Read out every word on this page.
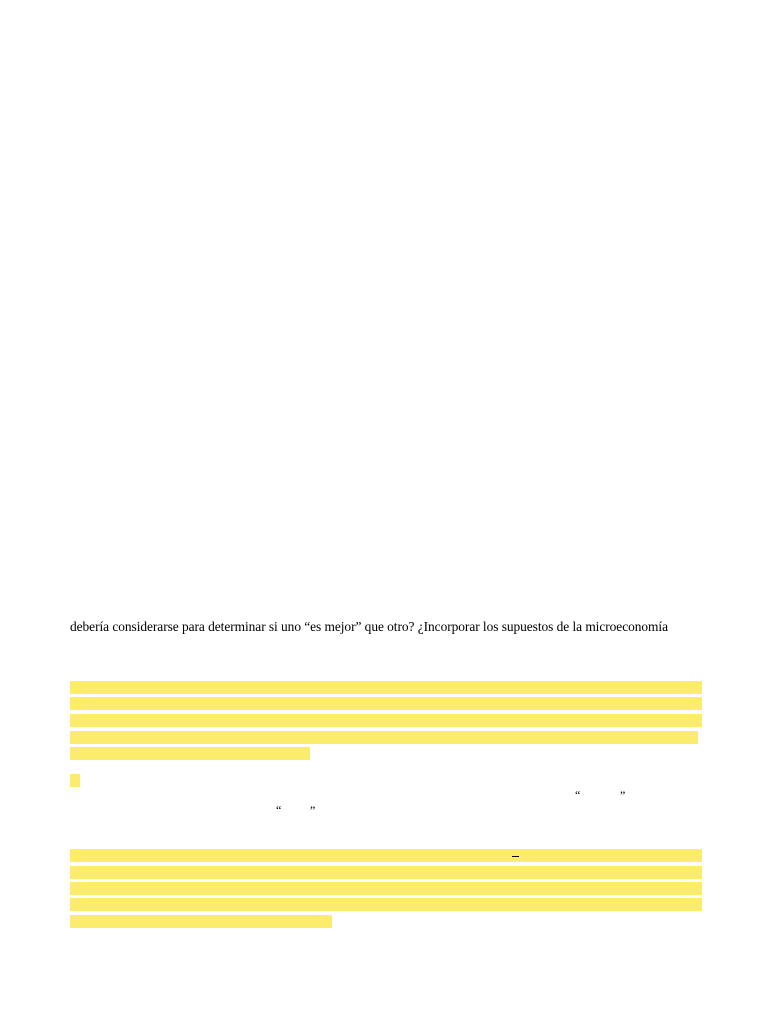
debería considerarse para determinar si uno “es mejor” que otro? ¿Incorporar los supuestos de la microeconomía
“	”
“ ”
